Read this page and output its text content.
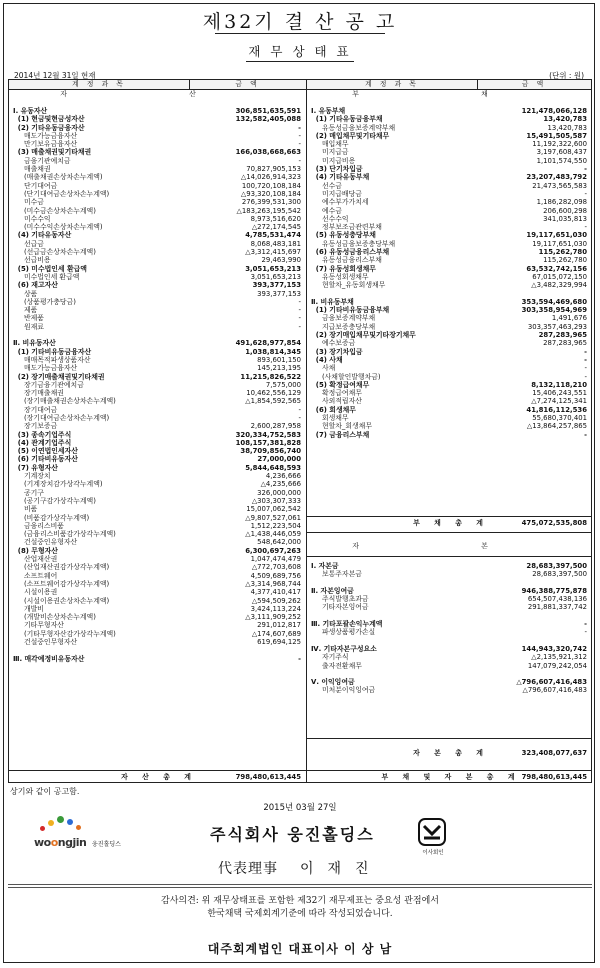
제32기 결 산 공 고
재 무 상 태 표
2014년 12월 31일 현재	(단위 : 원)
계 정 과 목	금 액	계 정 과 목	금 액
자 산	부 채
Ⅰ. 유동자산	306,851,635,591
(1) 현금및현금성자산	132,582,405,088
(2) 기타유동금융자산	-
매도가능금융자산	-
만기보유금융자산	-
(3) 매출채권및기타채권	166,038,668,663
금융기관예치금	-
매출채권	70,827,905,153
(매출채권손상차손누계액)	△14,026,914,323
단기대여금	100,720,108,184
(단기대여금손상차손누계액)	△93,320,108,184
미수금	276,399,531,300
(미수금손상차손누계액)	△183,263,195,542
미수수익	8,973,516,620
(미수수익손상차손누계액)	△272,174,545
(4) 기타유동자산	4,785,531,474
선급금	8,068,483,181
(선급금손상차손누계액)	△3,312,415,697
선급비용	29,463,990
(5) 미수법인세 환급액	3,051,653,213
미수법인세 환급액	3,051,653,213
(6) 재고자산	393,377,153
상품	393,377,153
(상품평가충당금)	-
제품	-
반제품	-
원재료	-
Ⅱ. 비유동자산	491,628,977,854
(1) 기타비유동금융자산	1,038,814,345
매매목적파생상품자산	893,601,150
매도가능금융자산	145,213,195
(2) 장기매출채권및기타채권	11,215,826,522
장기금융기관예치금	7,575,000
장기매출채권	10,462,556,129
(장기매출채권손상차손누계액)	△1,854,592,565
장기대여금	-
(장기대여금손상차손누계액)	-
장기보증금	2,600,287,958
(3) 종속기업주식	320,334,752,583
(4) 관계기업주식	108,157,381,828
(5) 이연법인세자산	38,709,856,740
(6) 기타비유동자산	27,000,000
(7) 유형자산	5,844,648,593
기계장치	4,236,666
(기계장치감가상각누계액)	△4,235,666
공기구	326,000,000
(공기구감가상각누계액)	△303,307,333
비품	15,007,062,542
(비품감가상각누계액)	△9,807,527,061
금융리스비품	1,512,223,504
(금융리스비품감가상각누계액)	△1,438,446,059
건설중인유형자산	548,642,000
(8) 무형자산	6,300,697,263
산업재산권	1,047,474,479
(산업재산권감가상각누계액)	△772,703,608
소프트웨어	4,509,689,756
(소프트웨어감가상각누계액)	△3,314,968,744
시설이용권	4,377,410,417
(시설이용권손상차손누계액)	△594,509,262
개발비	3,424,113,224
(개발비손상차손누계액)	△3,111,909,252
기타무형자산	291,012,817
(기타무형자산감가상각누계액)	△174,607,689
건설중인무형자산	619,694,125
Ⅲ. 매각예정비유동자산	-
Ⅰ. 유동부채	121,478,066,128
(1) 기타유동금융부채	13,420,783
유동성금융보증계약부채	13,420,783
(2) 매입채무및기타채무	15,491,505,587
매입채무	11,192,322,600
미지급금	3,197,608,437
미지급비용	1,101,574,550
(3) 단기차입금	-
(4) 기타유동부채	23,207,483,792
선수금	21,473,565,583
미지급배당금	-
예수부가가치세	1,186,282,098
예수금	206,600,298
선수수익	341,035,813
정부보조금관련부채	-
(5) 유동성충당부채	19,117,651,030
유동성금융보증충당부채	19,117,651,030
(6) 유동성금융리스부채	115,262,780
유동성금융리스부채	115,262,780
(7) 유동성회생채무	63,532,742,156
유동성회생채무	67,015,072,150
현할차_유동회생채무	△3,482,329,994
Ⅱ. 비유동부채	353,594,469,680
(1) 기타비유동금융부채	303,358,954,969
금융보증계약부채	1,491,676
지급보증충당부채	303,357,463,293
(2) 장기매입채무및기타장기채무	287,283,965
예수보증금	287,283,965
(3) 장기차입금	-
(4) 사채	-
사채	-
(사채할인발행차금)	-
(5) 확정급여채무	8,132,118,210
확정급여채무	15,406,243,551
사외적립자산	△7,274,125,341
(6) 회생채무	41,816,112,536
회생채무	55,680,370,401
현할차_회생채무	△13,864,257,865
(7) 금융리스부채	-
부 채 총 계	475,072,535,808
자 본
Ⅰ. 자본금	28,683,397,500
보통주자본금	28,683,397,500
Ⅱ. 자본잉여금	946,388,775,878
주식발행초과금	654,507,438,136
기타자본잉여금	291,881,337,742
Ⅲ. 기타포괄손익누계액	-
파생상품평가손실	-
Ⅳ. 기타자본구성요소	144,943,320,742
자기주식	△2,135,921,312
출자전환채무	147,079,242,054
Ⅴ. 이익잉여금	△796,607,416,483
미처분이익잉여금	△796,607,416,483
자 본 총 계	323,408,077,637
자 산 총 계	798,480,613,445	부 채 및 자 본 총 계 798,480,613,445
상기와 같이 공고함.
2015년 03월 27일
woongjin 웅진홀딩스
주식회사 웅진홀딩스
이사회인
代表理事 이재진
감사의견: 위 재무상태표를 포함한 제32기 재무제표는 중요성 관점에서
한국채택 국제회계기준에 따라 작성되었습니다.
대주회계법인 대표이사 이 상 남
